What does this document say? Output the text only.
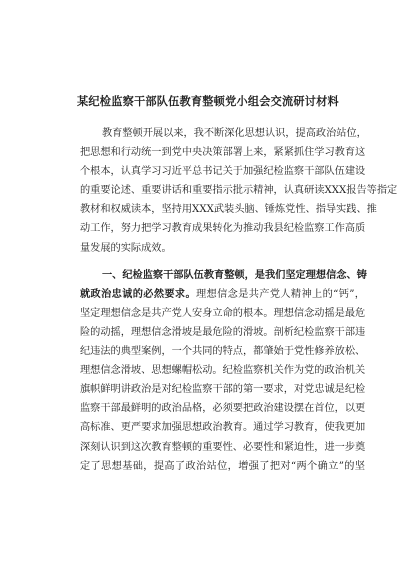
某纪检监察干部队伍教育整顿党小组会交流研讨材料
教育整顿开展以来，我不断深化思想认识，提高政治站位，
把思想和行动统一到党中央决策部署上来，紧紧抓住学习教育这
个根本，认真学习习近平总书记关于加强纪检监察干部队伍建设
的重要论述、重要讲话和重要指示批示精神，认真研读XXX报告等指定
教材和权威读本，坚持用XXX武装头脑、锤炼党性、指导实践、推
动工作，努力把学习教育成果转化为推动我县纪检监察工作高质
量发展的实际成效。
一、纪检监察干部队伍教育整顿，是我们坚定理想信念、铸
就政治忠诚的必然要求。理想信念是共产党人精神上的“钙”，
坚定理想信念是共产党人安身立命的根本。理想信念动摇是最危
险的动摇，理想信念滑坡是最危险的滑坡。剖析纪检监察干部违
纪违法的典型案例，一个共同的特点，都肇始于党性修养放松、
理想信念滑坡、思想螺帽松动。纪检监察机关作为党的政治机关
旗帜鲜明讲政治是对纪检监察干部的第一要求，对党忠诚是纪检
监察干部最鲜明的政治品格，必须要把政治建设摆在首位，以更
高标准、更严要求加强思想政治教育。通过学习教育，使我更加
深刻认识到这次教育整顿的重要性、必要性和紧迫性，进一步奠
定了思想基础，提高了政治站位，增强了把对“两个确立”的坚
